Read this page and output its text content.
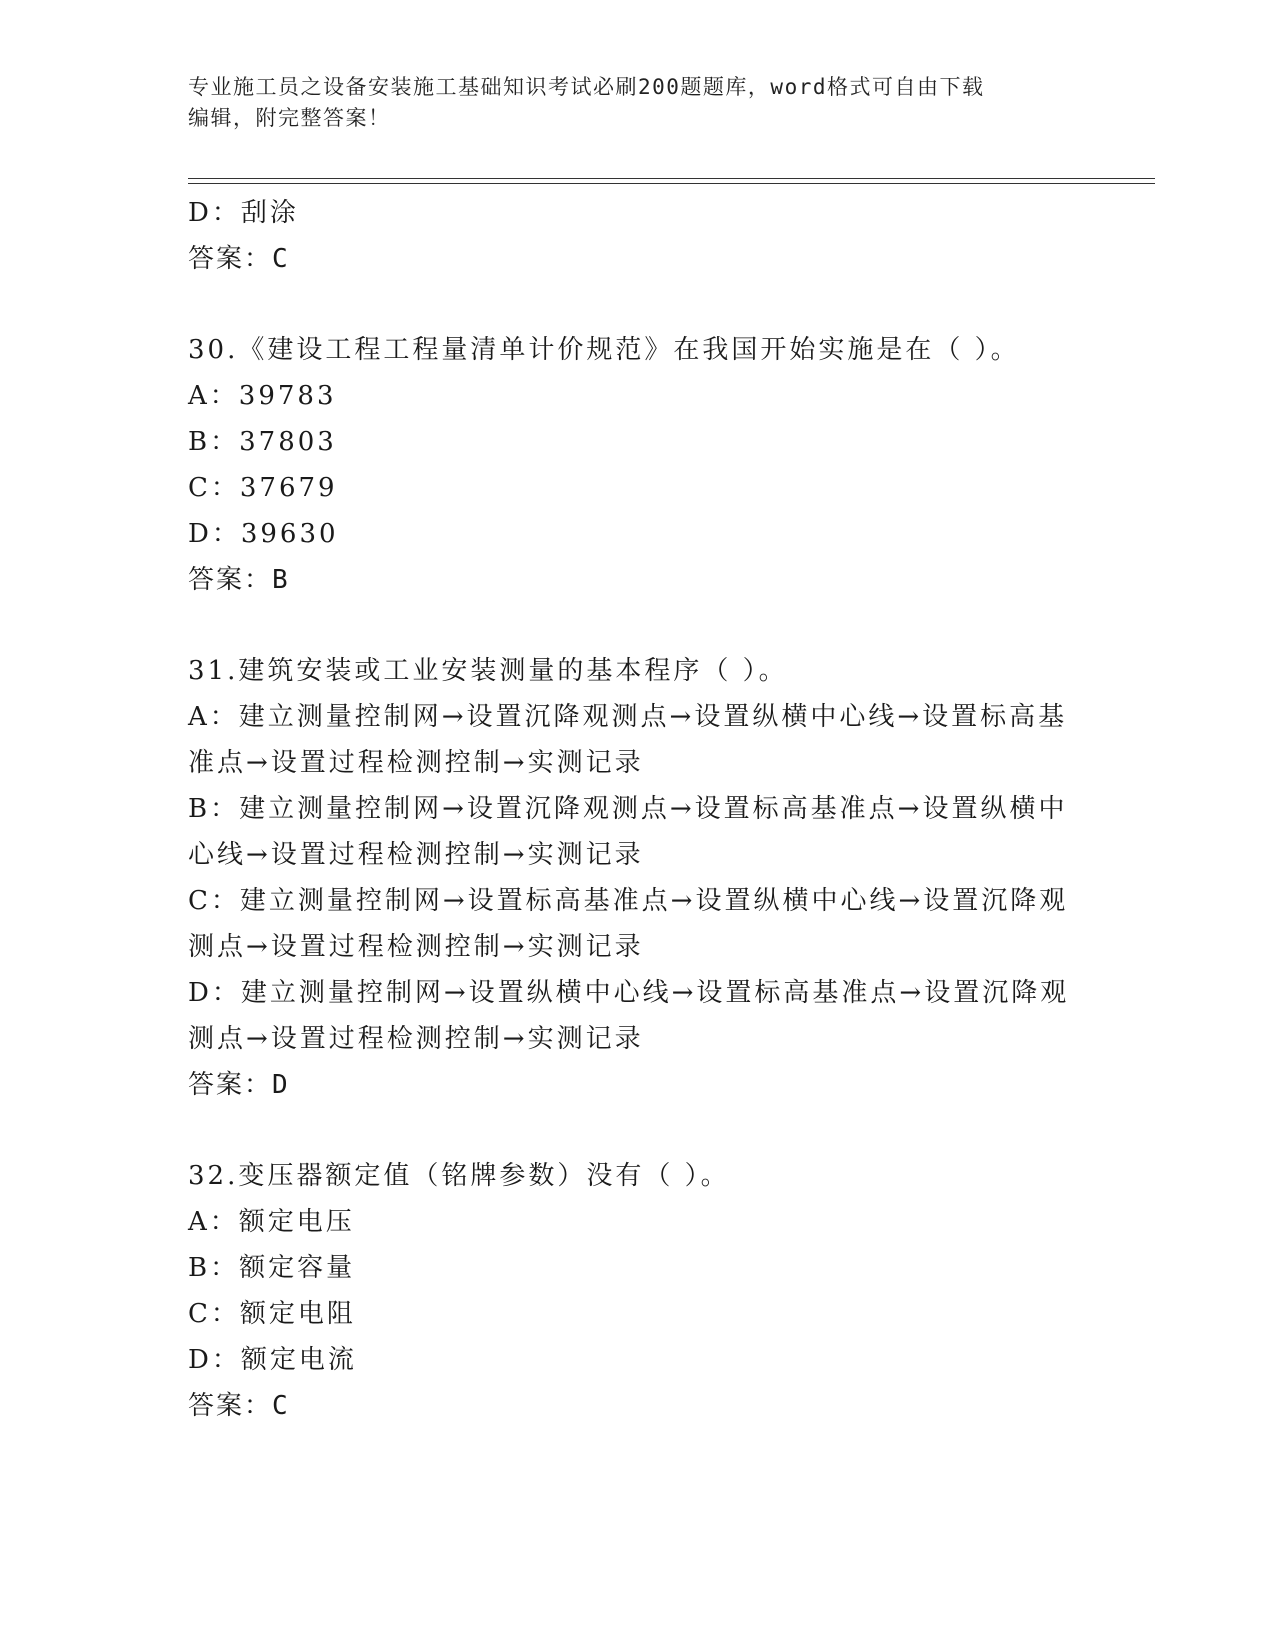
专业施工员之设备安装施工基础知识考试必刷200题题库，word格式可自由下载
编辑，附完整答案！
D：刮涂
答案：C
30.《建设工程工程量清单计价规范》在我国开始实施是在（ ）。
A：39783
B：37803
C：37679
D：39630
答案：B
31.建筑安装或工业安装测量的基本程序（ ）。
A：建立测量控制网→设置沉降观测点→设置纵横中心线→设置标高基
准点→设置过程检测控制→实测记录
B：建立测量控制网→设置沉降观测点→设置标高基准点→设置纵横中
心线→设置过程检测控制→实测记录
C：建立测量控制网→设置标高基准点→设置纵横中心线→设置沉降观
测点→设置过程检测控制→实测记录
D：建立测量控制网→设置纵横中心线→设置标高基准点→设置沉降观
测点→设置过程检测控制→实测记录
答案：D
32.变压器额定值（铭牌参数）没有（ ）。
A：额定电压
B：额定容量
C：额定电阻
D：额定电流
答案：C
